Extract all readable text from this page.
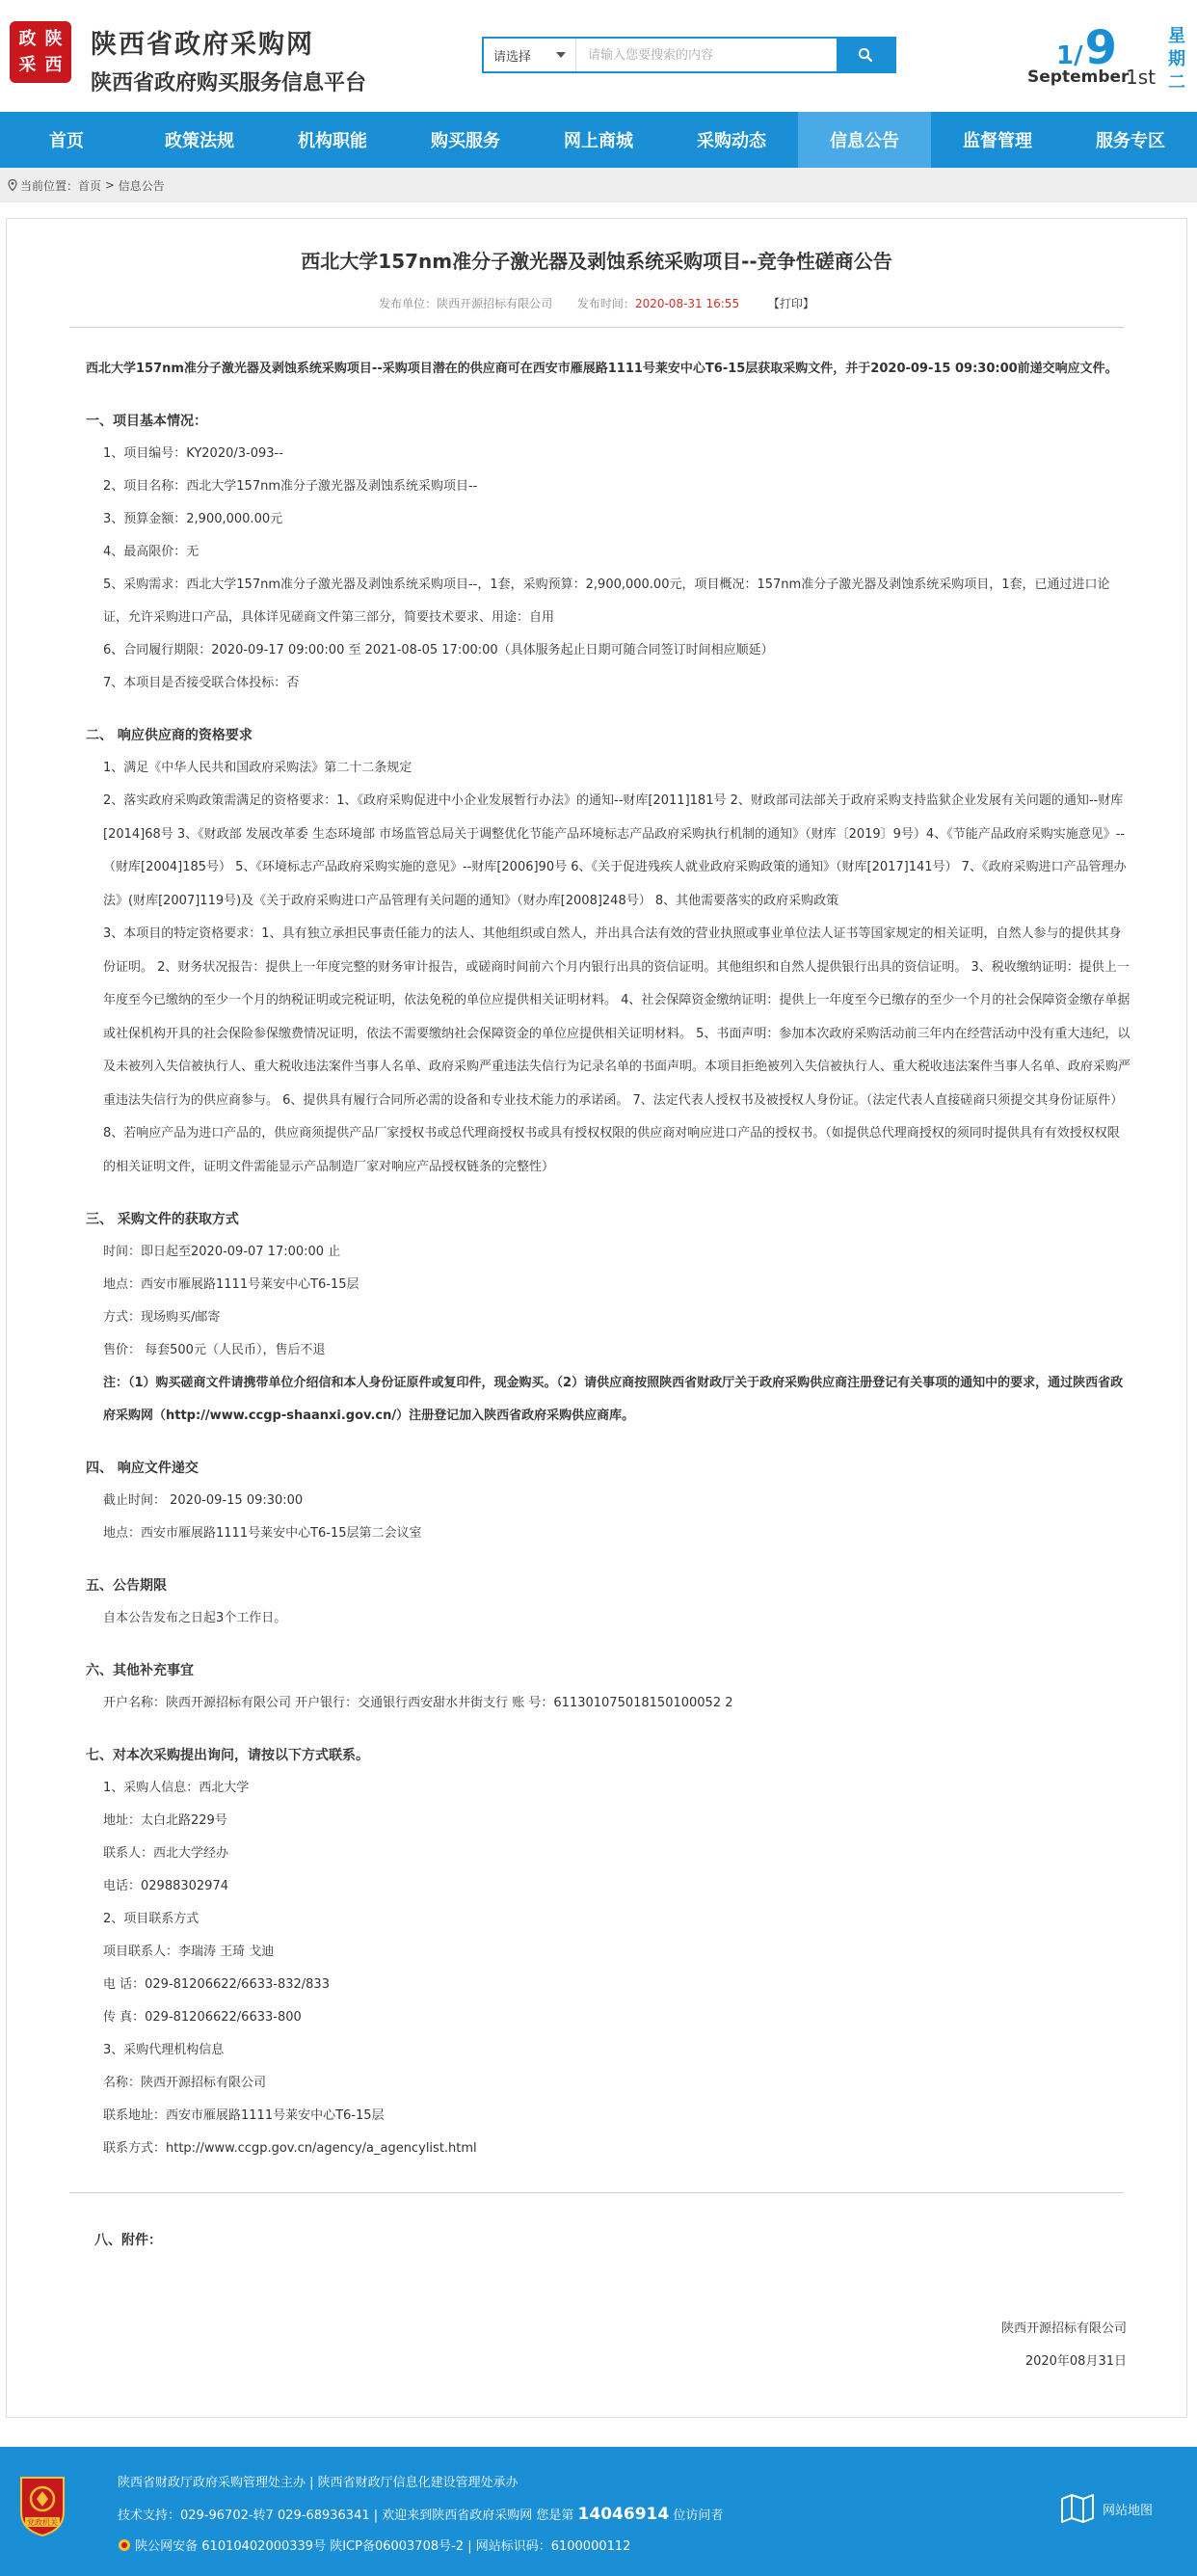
政 陕
采 西
陕西省政府采购网
陕西省政府购买服务信息平台
请选择
请输入您要搜索的内容	1/9
September
1st
星期二
首页	政策法规	机构职能	购买服务	网上商城	采购动态	信息公告	监督管理	服务专区
当前位置： 首页 > 信息公告
西北大学157nm准分子激光器及剥蚀系统采购项目--竞争性磋商公告
发布单位：陕西开源招标有限公司 发布时间：2020-08-31 16:55 【打印】
西北大学157nm准分子激光器及剥蚀系统采购项目--采购项目潜在的供应商可在西安市雁展路1111号莱安中心T6-15层获取采购文件，并于2020-09-15 09:30:00前递交响应文件。
一、项目基本情况：

1、项目编号：KY2020/3-093--

2、项目名称：西北大学157nm准分子激光器及剥蚀系统采购项目--

3、预算金额：2,900,000.00元

4、最高限价：无

5、采购需求：西北大学157nm准分子激光器及剥蚀系统采购项目--，1套，采购预算：2,900,000.00元，项目概况：157nm准分子激光器及剥蚀系统采购项目，1套，已通过进口论证，允许采购进口产品，具体详见磋商文件第三部分，简要技术要求、用途：自用

6、合同履行期限：2020-09-17 09:00:00 至 2021-08-05 17:00:00（具体服务起止日期可随合同签订时间相应顺延）

7、本项目是否接受联合体投标：否

二、 响应供应商的资格要求

1、满足《中华人民共和国政府采购法》第二十二条规定

2、落实政府采购政策需满足的资格要求：1、《政府采购促进中小企业发展暂行办法》的通知--财库[2011]181号 2、财政部司法部关于政府采购支持监狱企业发展有关问题的通知--财库[2014]68号 3、《财政部 发展改革委 生态环境部 市场监管总局关于调整优化节能产品环境标志产品政府采购执行机制的通知》（财库〔2019〕9号）4、《节能产品政府采购实施意见》--（财库[2004]185号） 5、《环境标志产品政府采购实施的意见》--财库[2006]90号 6、《关于促进残疾人就业政府采购政策的通知》（财库[2017]141号） 7、《政府采购进口产品管理办法》(财库[2007]119号)及《关于政府采购进口产品管理有关问题的通知》（财办库[2008]248号） 8、其他需要落实的政府采购政策

3、本项目的特定资格要求：1、具有独立承担民事责任能力的法人、其他组织或自然人，并出具合法有效的营业执照或事业单位法人证书等国家规定的相关证明，自然人参与的提供其身份证明。 2、财务状况报告：提供上一年度完整的财务审计报告，或磋商时间前六个月内银行出具的资信证明。其他组织和自然人提供银行出具的资信证明。 3、税收缴纳证明：提供上一年度至今已缴纳的至少一个月的纳税证明或完税证明，依法免税的单位应提供相关证明材料。 4、社会保障资金缴纳证明：提供上一年度至今已缴存的至少一个月的社会保障资金缴存单据或社保机构开具的社会保险参保缴费情况证明，依法不需要缴纳社会保障资金的单位应提供相关证明材料。 5、书面声明：参加本次政府采购活动前三年内在经营活动中没有重大违纪，以及未被列入失信被执行人、重大税收违法案件当事人名单、政府采购严重违法失信行为记录名单的书面声明。本项目拒绝被列入失信被执行人、重大税收违法案件当事人名单、政府采购严重违法失信行为的供应商参与。 6、提供具有履行合同所必需的设备和专业技术能力的承诺函。 7、法定代表人授权书及被授权人身份证。（法定代表人直接磋商只须提交其身份证原件） 8、若响应产品为进口产品的，供应商须提供产品厂家授权书或总代理商授权书或具有授权权限的供应商对响应进口产品的授权书。（如提供总代理商授权的须同时提供具有有效授权权限的相关证明文件，证明文件需能显示产品制造厂家对响应产品授权链条的完整性）

三、 采购文件的获取方式

时间：即日起至2020-09-07 17:00:00 止

地点：西安市雁展路1111号莱安中心T6-15层

方式：现场购买/邮寄

售价： 每套500元（人民币），售后不退

注：（1）购买磋商文件请携带单位介绍信和本人身份证原件或复印件，现金购买。（2）请供应商按照陕西省财政厅关于政府采购供应商注册登记有关事项的通知中的要求，通过陕西省政府采购网（http://www.ccgp-shaanxi.gov.cn/）注册登记加入陕西省政府采购供应商库。

四、 响应文件递交

截止时间： 2020-09-15 09:30:00

地点：西安市雁展路1111号莱安中心T6-15层第二会议室

五、公告期限

自本公告发布之日起3个工作日。

六、其他补充事宜

开户名称：陕西开源招标有限公司 开户银行：交通银行西安甜水井街支行 账 号：611301075018150100052 2

七、对本次采购提出询问，请按以下方式联系。

1、采购人信息：西北大学

地址：太白北路229号

联系人：西北大学经办

电话：02988302974

2、项目联系方式

项目联系人：李瑞涛 王琦 戈迪

电 话：029-81206622/6633-832/833

传 真：029-81206622/6633-800

3、采购代理机构信息

名称：陕西开源招标有限公司

联系地址：西安市雁展路1111号莱安中心T6-15层

联系方式：http://www.ccgp.gov.cn/agency/a_agencylist.html

八、附件：
陕西开源招标有限公司
2020年08月31日
党政机关
陕西省财政厅政府采购管理处主办 | 陕西省财政厅信息化建设管理处承办
技术支持：029-96702-转7 029-68936341 | 欢迎来到陕西省政府采购网 您是第 14046914 位访问者
陕公网安备 61010402000339号 陕ICP备06003708号-2 | 网站标识码：6100000112
网站地图
